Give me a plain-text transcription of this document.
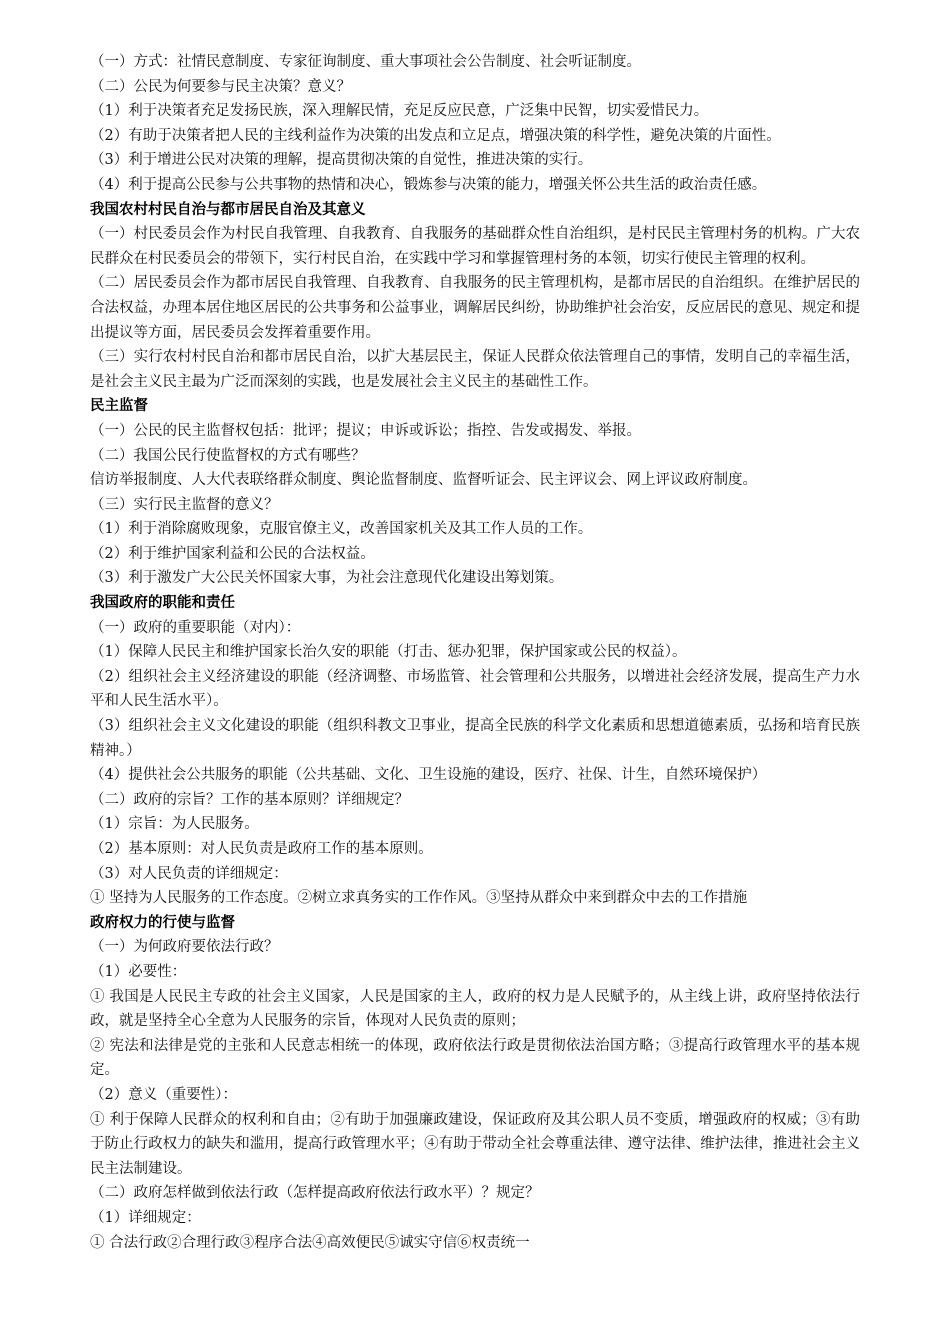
（一）方式：社情民意制度、专家征询制度、重大事项社会公告制度、社会听证制度。

（二）公民为何要参与民主决策？意义？

（1）利于决策者充足发扬民族，深入理解民情，充足反应民意，广泛集中民智，切实爱惜民力。

（2）有助于决策者把人民的主线利益作为决策的出发点和立足点，增强决策的科学性，避免决策的片面性。

（3）利于增进公民对决策的理解，提高贯彻决策的自觉性，推进决策的实行。

（4）利于提高公民参与公共事物的热情和决心，锻炼参与决策的能力，增强关怀公共生活的政治责任感。

我国农村村民自治与都市居民自治及其意义

（一）村民委员会作为村民自我管理、自我教育、自我服务的基础群众性自治组织，是村民民主管理村务的机构。广大农民群众在村民委员会的带领下，实行村民自治，在实践中学习和掌握管理村务的本领，切实行使民主管理的权利。

（二）居民委员会作为都市居民自我管理、自我教育、自我服务的民主管理机构，是都市居民的自治组织。在维护居民的合法权益，办理本居住地区居民的公共事务和公益事业，调解居民纠纷，协助维护社会治安，反应居民的意见、规定和提出提议等方面，居民委员会发挥着重要作用。

（三）实行农村村民自治和都市居民自治，以扩大基层民主，保证人民群众依法管理自己的事情，发明自己的幸福生活，是社会主义民主最为广泛而深刻的实践，也是发展社会主义民主的基础性工作。

民主监督

（一）公民的民主监督权包括：批评；提议；申诉或诉讼；指控、告发或揭发、举报。

（二）我国公民行使监督权的方式有哪些？

信访举报制度、人大代表联络群众制度、舆论监督制度、监督听证会、民主评议会、网上评议政府制度。

（三）实行民主监督的意义？

（1）利于消除腐败现象，克服官僚主义，改善国家机关及其工作人员的工作。

（2）利于维护国家利益和公民的合法权益。

（3）利于激发广大公民关怀国家大事，为社会注意现代化建设出筹划策。

我国政府的职能和责任

（一）政府的重要职能（对内）：

（1）保障人民民主和维护国家长治久安的职能（打击、惩办犯罪，保护国家或公民的权益）。

（2）组织社会主义经济建设的职能（经济调整、市场监管、社会管理和公共服务，以增进社会经济发展，提高生产力水平和人民生活水平）。

（3）组织社会主义文化建设的职能（组织科教文卫事业，提高全民族的科学文化素质和思想道德素质，弘扬和培育民族精神。）

（4）提供社会公共服务的职能（公共基础、文化、卫生设施的建设，医疗、社保、计生，自然环境保护）

（二）政府的宗旨？工作的基本原则？详细规定？

（1）宗旨：为人民服务。

（2）基本原则：对人民负责是政府工作的基本原则。

（3）对人民负责的详细规定：

① 坚持为人民服务的工作态度。②树立求真务实的工作作风。③坚持从群众中来到群众中去的工作措施

政府权力的行使与监督

（一）为何政府要依法行政？

（1）必要性：

① 我国是人民民主专政的社会主义国家，人民是国家的主人，政府的权力是人民赋予的，从主线上讲，政府坚持依法行政，就是坚持全心全意为人民服务的宗旨，体现对人民负责的原则；

② 宪法和法律是党的主张和人民意志相统一的体现，政府依法行政是贯彻依法治国方略；③提高行政管理水平的基本规定。

（2）意义（重要性）：

① 利于保障人民群众的权利和自由；②有助于加强廉政建设，保证政府及其公职人员不变质，增强政府的权威；③有助于防止行政权力的缺失和滥用，提高行政管理水平；④有助于带动全社会尊重法律、遵守法律、维护法律，推进社会主义民主法制建设。

（二）政府怎样做到依法行政（怎样提高政府依法行政水平）？规定？

（1）详细规定：

① 合法行政②合理行政③程序合法④高效便民⑤诚实守信⑥权责统一
